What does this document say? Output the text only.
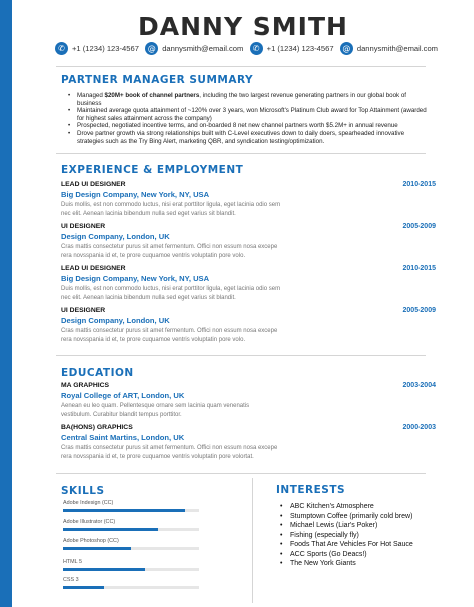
DANNY SMITH
✆ +1 (1234) 123-4567	@ dannysmith@email.com	✆ +1 (1234) 123-4567	@ dannysmith@email.com
PARTNER MANAGER SUMMARY
• Managed $20M+ book of channel partners, including the two largest revenue generating partners in our global book of business
• Maintained average quota attainment of ~120% over 3 years, won Microsoft's Platinum Club award for Top Attainment (awarded for highest sales attainment across the company)
• Prospected, negotiated incentive terms, and on-boarded 8 net new channel partners worth $5.2M+ in annual revenue
• Drove partner growth via strong relationships built with C-Level executives down to daily doers, spearheaded innovative strategies such as the Try Bing Alert, marketing QBR, and syndication testing/optimization.
EXPERIENCE & EMPLOYMENT
LEAD UI DESIGNER	2010-2015
Big Design Company, New York, NY, USA
Duis mollis, est non commodo luctus, nisi erat porttitor ligula, eget lacinia odio sem nec elit. Aenean lacinia bibendum nulla sed eget varius sit blandit.
UI DESIGNER	2005-2009
Design Company, London, UK
Cras mattis consectetur purus sit amet fermentum. Offici non essum nosa excepe rera novsspania id et, te prore cuquamoe ventris voluptatin pore volo.
LEAD UI DESIGNER	2010-2015
Big Design Company, New York, NY, USA
Duis mollis, est non commodo luctus, nisi erat porttitor ligula, eget lacinia odio sem nec elit. Aenean lacinia bibendum nulla sed eget varius sit blandit.
UI DESIGNER	2005-2009
Design Company, London, UK
Cras mattis consectetur purus sit amet fermentum. Offici non essum nosa excepe rera novsspania id et, te prore cuquamoe ventris voluptatin pore volo.
EDUCATION
MA GRAPHICS	2003-2004
Royal College of ART, London, UK
Aenean eu leo quam. Pellentesque ornare sem lacinia quam venenatis vestibulum. Curabitur blandit tempus porttitor.
BA(HONS) GRAPHICS	2000-2003
Central Saint Martins, London, UK
Cras mattis consectetur purus sit amet fermentum. Offici non essum nosa excepe rera novsspania id et, te prore cuquamoe ventris voluptatin pore volortat.
SKILLS
Adobe Indesign (CC)
Adobe Illustrator (CC)
Adobe Photoshop (CC)
HTML 5
CSS 3
INTERESTS
• ABC Kitchen's Atmosphere
• Stumptown Coffee (primarily cold brew)
• Michael Lewis (Liar's Poker)
• Fishing (especially fly)
• Foods That Are Vehicles For Hot Sauce
• ACC Sports (Go Deacs!)
• The New York Giants
